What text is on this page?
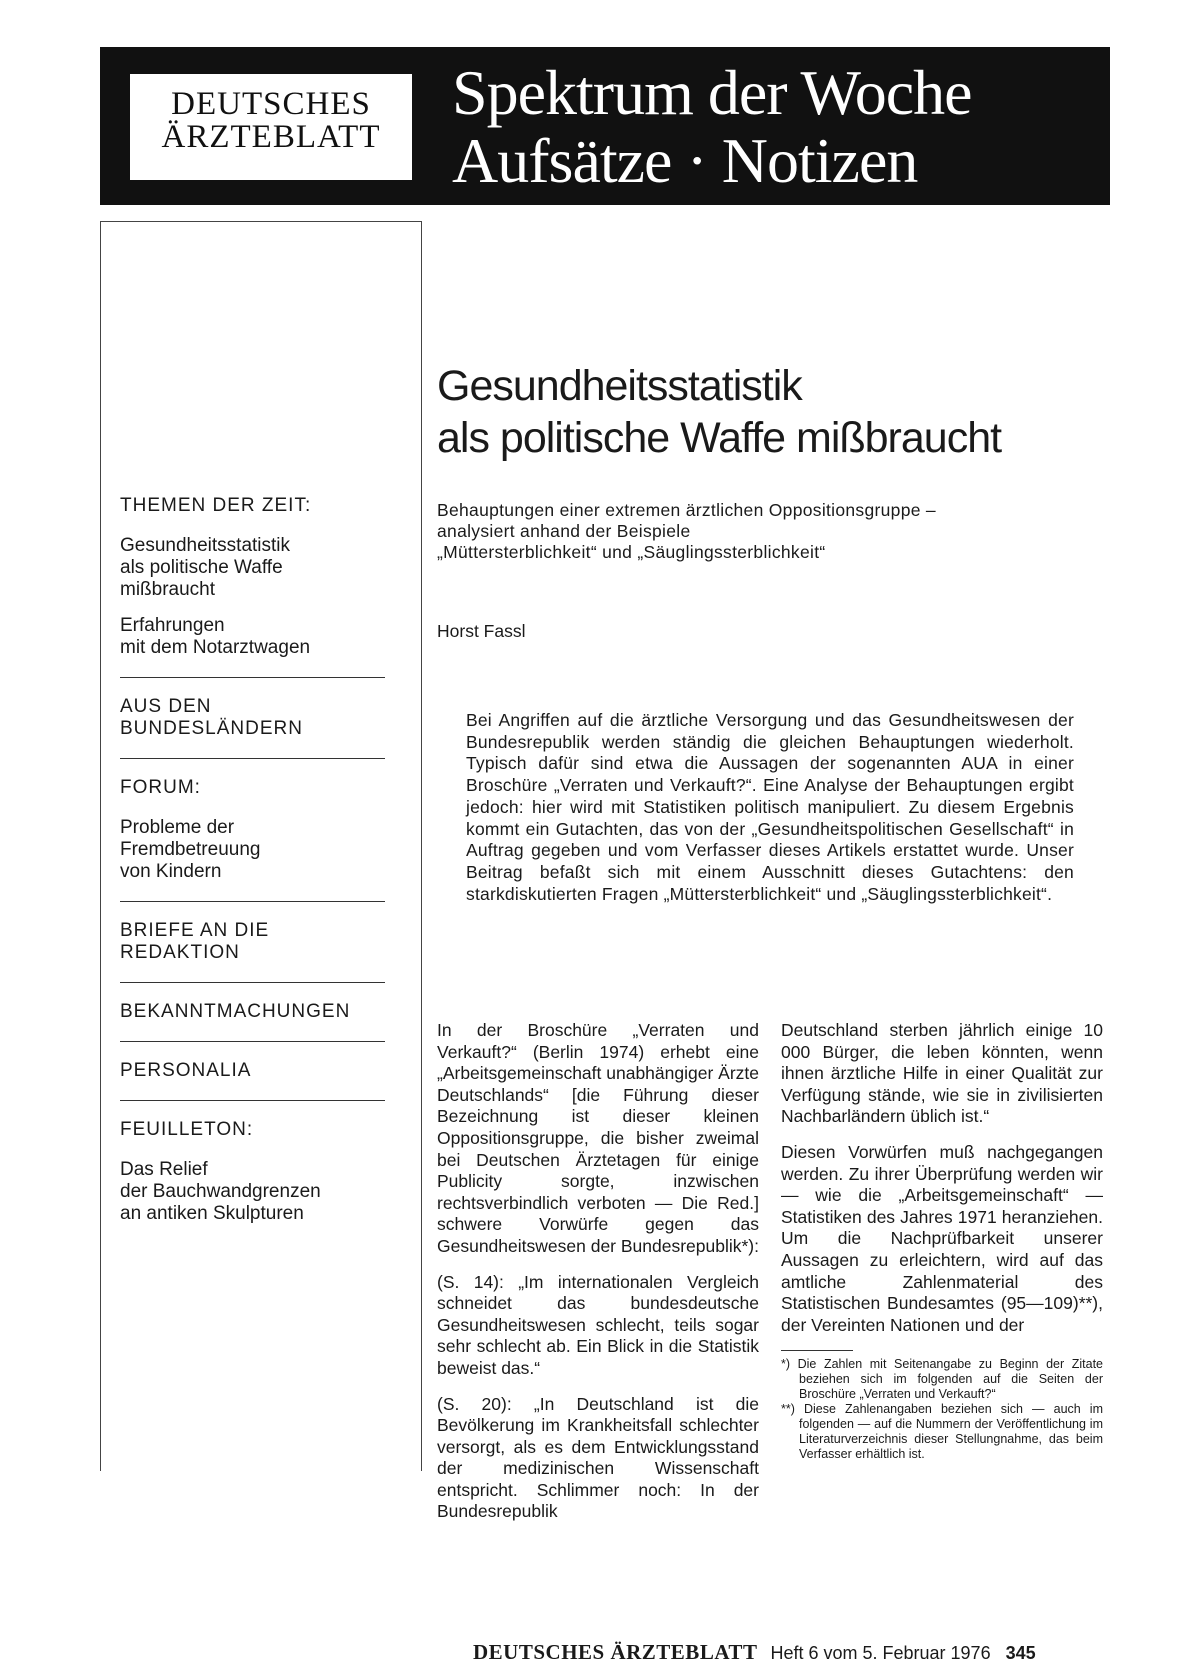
DEUTSCHES
ÄRZTEBLATT
Spektrum der Woche
Aufsätze · Notizen
THEMEN DER ZEIT:
Gesundheitsstatistik
als politische Waffe
mißbraucht
Erfahrungen
mit dem Notarztwagen
AUS DEN
BUNDESLÄNDERN
FORUM:
Probleme der
Fremdbetreuung
von Kindern
BRIEFE AN DIE
REDAKTION
BEKANNTMACHUNGEN
PERSONALIA
FEUILLETON:
Das Relief
der Bauchwandgrenzen
an antiken Skulpturen
Gesundheitsstatistik
als politische Waffe mißbraucht
Behauptungen einer extremen ärztlichen Oppositionsgruppe –
analysiert anhand der Beispiele
„Müttersterblichkeit“ und „Säuglingssterblichkeit“
Horst Fassl
Bei Angriffen auf die ärztliche Versorgung und das Gesundheitswesen der Bundesrepublik werden ständig die gleichen Behauptungen wiederholt. Typisch dafür sind etwa die Aussagen der sogenannten AUA in einer Broschüre „Verraten und Verkauft?“. Eine Analyse der Behauptungen ergibt jedoch: hier wird mit Statistiken politisch manipuliert. Zu diesem Ergebnis kommt ein Gutachten, das von der „Gesundheitspolitischen Gesellschaft“ in Auftrag gegeben und vom Verfasser dieses Artikels erstattet wurde. Unser Beitrag befaßt sich mit einem Ausschnitt dieses Gutachtens: den starkdiskutierten Fragen „Müttersterblichkeit“ und „Säuglingssterblichkeit“.

In der Broschüre „Verraten und Verkauft?“ (Berlin 1974) erhebt eine „Arbeitsgemeinschaft unabhängiger Ärzte Deutschlands“ [die Führung dieser Bezeichnung ist dieser kleinen Oppositionsgruppe, die bisher zweimal bei Deutschen Ärztetagen für einige Publicity sorgte, inzwischen rechtsverbindlich verboten — Die Red.] schwere Vorwürfe gegen das Gesundheitswesen der Bundesrepublik*):

(S. 14): „Im internationalen Vergleich schneidet das bundesdeutsche Gesundheitswesen schlecht, teils sogar sehr schlecht ab. Ein Blick in die Statistik beweist das.“

(S. 20): „In Deutschland ist die Bevölkerung im Krankheitsfall schlechter versorgt, als es dem Entwicklungsstand der medizinischen Wissenschaft entspricht. Schlimmer noch: In der Bundesrepublik

Deutschland sterben jährlich einige 10 000 Bürger, die leben könnten, wenn ihnen ärztliche Hilfe in einer Qualität zur Verfügung stände, wie sie in zivilisierten Nachbarländern üblich ist.“

Diesen Vorwürfen muß nachgegangen werden. Zu ihrer Überprüfung werden wir — wie die „Arbeitsgemeinschaft“ — Statistiken des Jahres 1971 heranziehen. Um die Nachprüfbarkeit unserer Aussagen zu erleichtern, wird auf das amtliche Zahlenmaterial des Statistischen Bundesamtes (95—109)**), der Vereinten Nationen und der

*) Die Zahlen mit Seitenangabe zu Beginn der Zitate beziehen sich im folgenden auf die Seiten der Broschüre „Verraten und Verkauft?“

**) Diese Zahlenangaben beziehen sich — auch im folgenden — auf die Nummern der Veröffentlichung im Literaturverzeichnis dieser Stellungnahme, das beim Verfasser erhältlich ist.

DEUTSCHES ÄRZTEBLATT Heft 6 vom 5. Februar 1976 345
